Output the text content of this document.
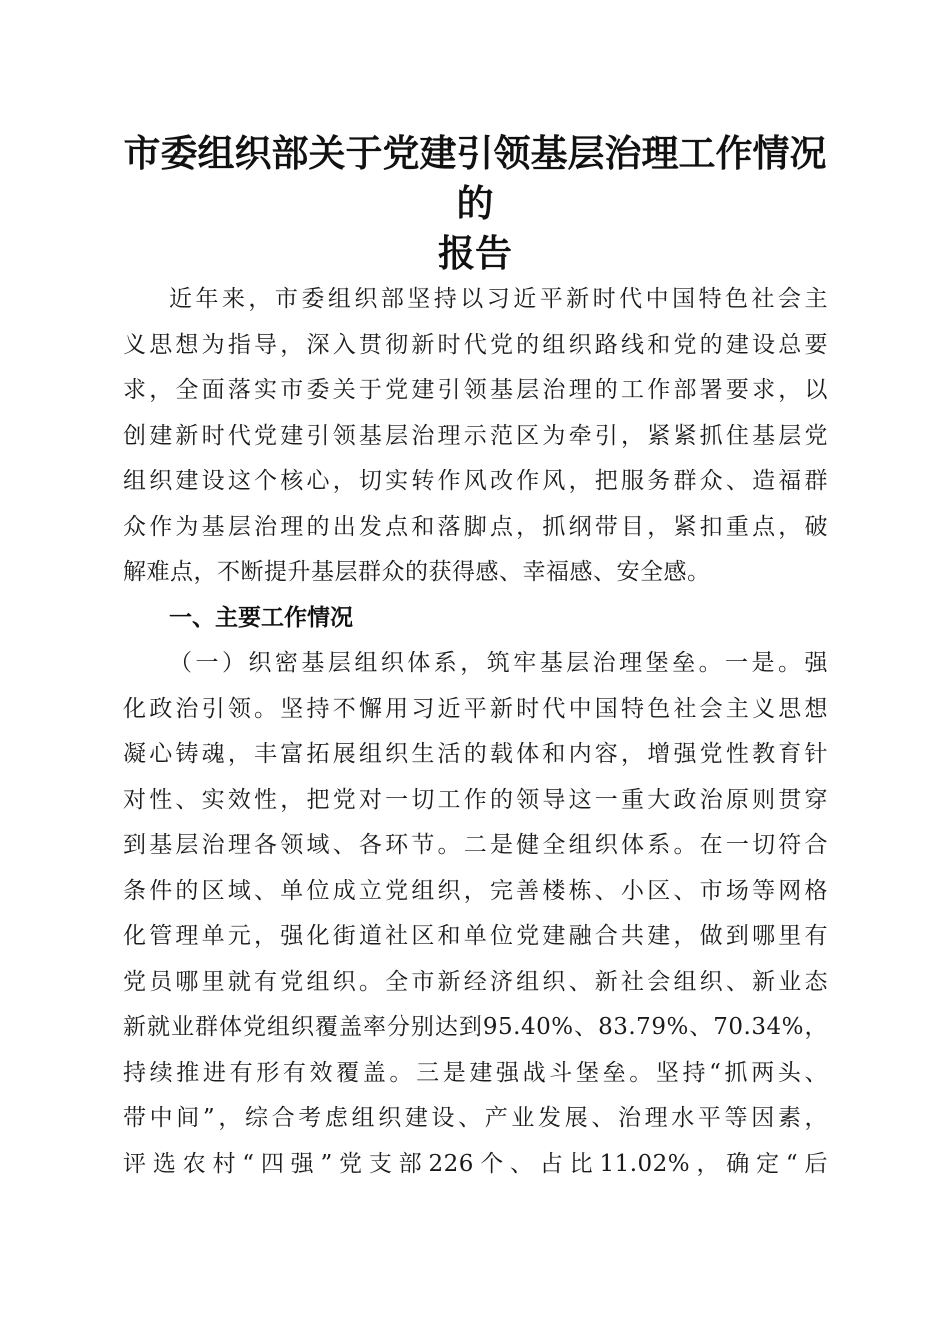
市委组织部关于党建引领基层治理工作情况的
报告
近年来，市委组织部坚持以习近平新时代中国特色社会主
义思想为指导，深入贯彻新时代党的组织路线和党的建设总要
求，全面落实市委关于党建引领基层治理的工作部署要求，以
创建新时代党建引领基层治理示范区为牵引，紧紧抓住基层党
组织建设这个核心，切实转作风改作风，把服务群众、造福群
众作为基层治理的出发点和落脚点，抓纲带目，紧扣重点，破
解难点，不断提升基层群众的获得感、幸福感、安全感。
一、主要工作情况
（一）织密基层组织体系，筑牢基层治理堡垒。一是。强
化政治引领。坚持不懈用习近平新时代中国特色社会主义思想
凝心铸魂，丰富拓展组织生活的载体和内容，增强党性教育针
对性、实效性，把党对一切工作的领导这一重大政治原则贯穿
到基层治理各领域、各环节。二是健全组织体系。在一切符合
条件的区域、单位成立党组织，完善楼栋、小区、市场等网格
化管理单元，强化街道社区和单位党建融合共建，做到哪里有
党员哪里就有党组织。全市新经济组织、新社会组织、新业态
新就业群体党组织覆盖率分别达到95.40%、83.79%、70.34%，
持续推进有形有效覆盖。三是建强战斗堡垒。坚持“抓两头、
带中间”，综合考虑组织建设、产业发展、治理水平等因素，
评选农村“四强”党支部226个、占比11.02%，确定“后
